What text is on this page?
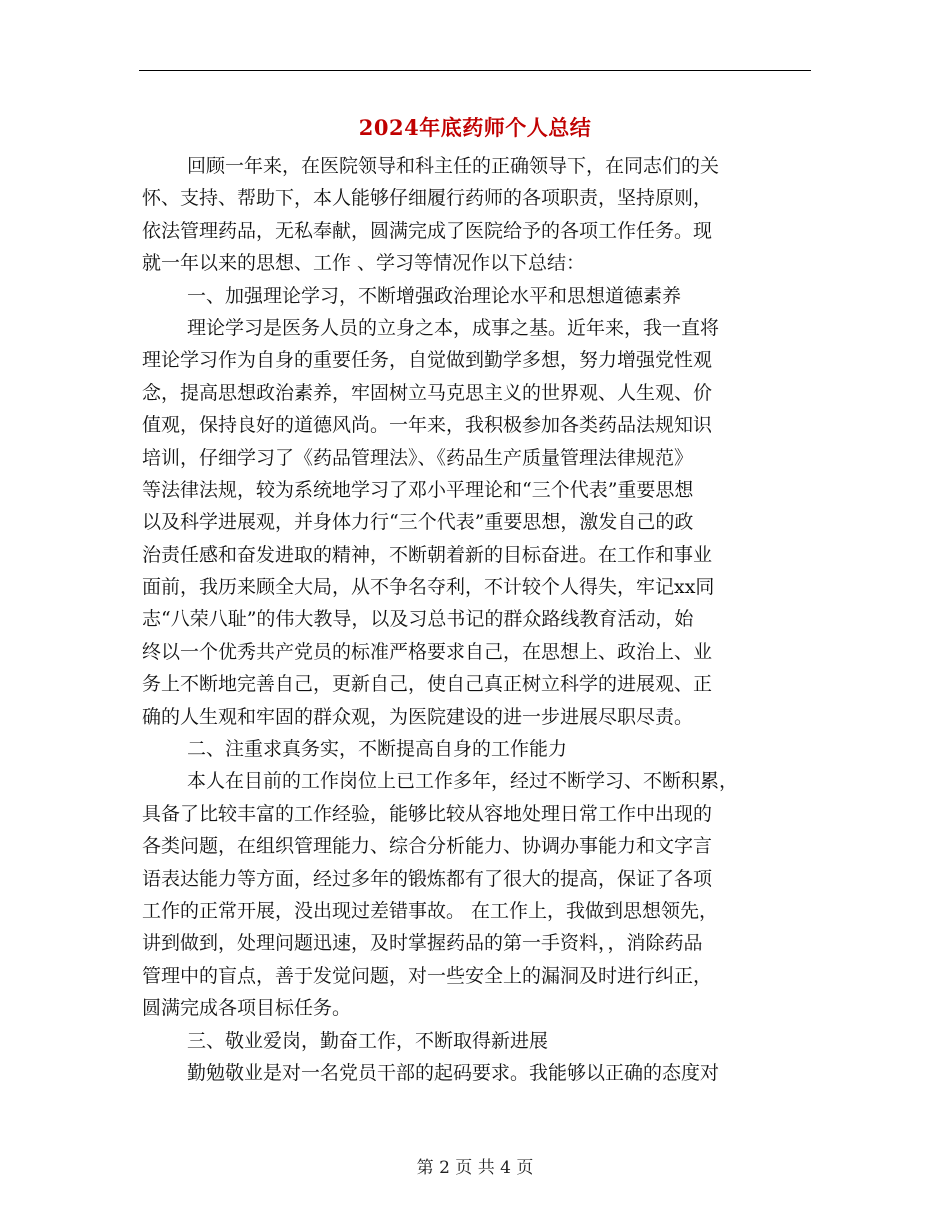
2024年底药师个人总结
回顾一年来，在医院领导和科主任的正确领导下，在同志们的关
怀、支持、帮助下，本人能够仔细履行药师的各项职责，坚持原则，
依法管理药品，无私奉献，圆满完成了医院给予的各项工作任务。现
就一年以来的思想、工作 、学习等情况作以下总结：
一、加强理论学习，不断增强政治理论水平和思想道德素养
理论学习是医务人员的立身之本，成事之基。近年来，我一直将
理论学习作为自身的重要任务，自觉做到勤学多想，努力增强党性观
念，提高思想政治素养，牢固树立马克思主义的世界观、人生观、价
值观，保持良好的道德风尚。一年来，我积极参加各类药品法规知识
培训，仔细学习了《药品管理法》、《药品生产质量管理法律规范》
等法律法规，较为系统地学习了邓小平理论和“三个代表”重要思想
以及科学进展观，并身体力行“三个代表”重要思想，激发自己的政
治责任感和奋发进取的精神，不断朝着新的目标奋进。在工作和事业
面前，我历来顾全大局，从不争名夺利，不计较个人得失，牢记xx同
志“八荣八耻”的伟大教导，以及习总书记的群众路线教育活动，始
终以一个优秀共产党员的标准严格要求自己，在思想上、政治上、业
务上不断地完善自己，更新自己，使自己真正树立科学的进展观、正
确的人生观和牢固的群众观，为医院建设的进一步进展尽职尽责。
二、注重求真务实，不断提高自身的工作能力
本人在目前的工作岗位上已工作多年，经过不断学习、不断积累，
具备了比较丰富的工作经验，能够比较从容地处理日常工作中出现的
各类问题，在组织管理能力、综合分析能力、协调办事能力和文字言
语表达能力等方面，经过多年的锻炼都有了很大的提高，保证了各项
工作的正常开展，没出现过差错事故。 在工作上，我做到思想领先，
讲到做到，处理问题迅速，及时掌握药品的第一手资料，，消除药品
管理中的盲点，善于发觉问题，对一些安全上的漏洞及时进行纠正，
圆满完成各项目标任务。
三、敬业爱岗，勤奋工作，不断取得新进展
勤勉敬业是对一名党员干部的起码要求。我能够以正确的态度对
第 2 页 共 4 页
